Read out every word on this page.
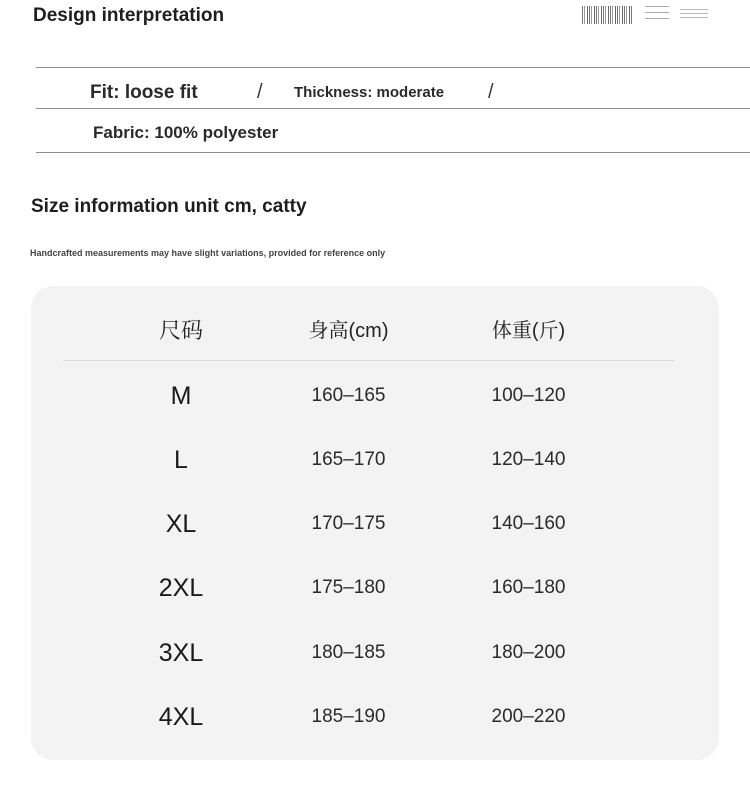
Design interpretation
Fit: loose fit	/ Thickness: moderate /
Fabric: 100% polyester
Size information unit cm, catty
Handcrafted measurements may have slight variations, provided for reference only
尺码	身高(cm)	体重(斤)
M	160–165	100–120
L	165–170	120–140
XL	170–175	140–160
2XL	175–180	160–180
3XL	180–185	180–200
4XL	185–190	200–220
